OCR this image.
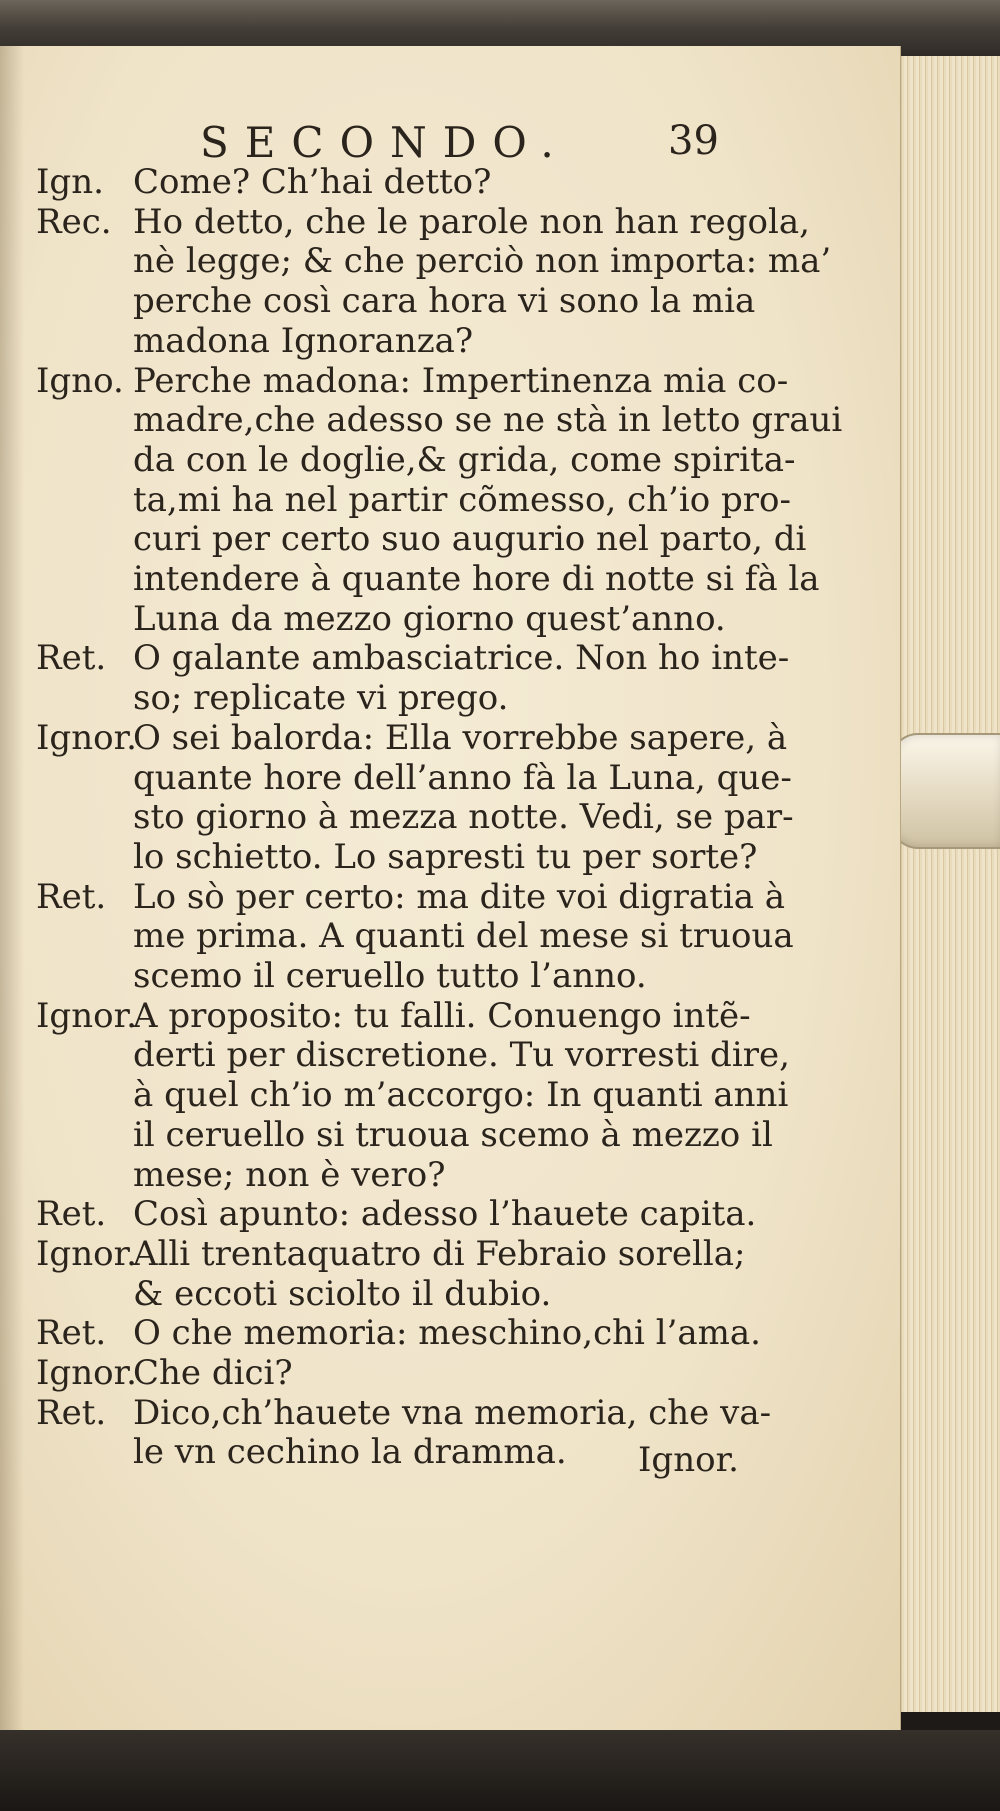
SECONDO. 39
Ign. Come? Ch’hai detto?
Rec. Ho detto, che le parole non han regola,
nè legge; & che perciò non importa: ma’
perche così cara hora vi sono la mia
madona Ignoranza?
Igno. Perche madona: Impertinenza mia co-
madre,che adesso se ne stà in letto graui
da con le doglie,& grida, come spirita-
ta,mi ha nel partir cõmesso, ch’io pro-
curi per certo suo augurio nel parto, di
intendere à quante hore di notte si fà la
Luna da mezzo giorno quest’anno.
Ret. O galante ambasciatrice. Non ho inte-
so; replicate vi prego.
Ignor.
O sei balorda: Ella vorrebbe sapere, à
quante hore dell’anno fà la Luna, que-
sto giorno à mezza notte. Vedi, se par-
lo schietto. Lo sapresti tu per sorte?
Ret. Lo sò per certo: ma dite voi digratia à
me prima. A quanti del mese si truoua
scemo il ceruello tutto l’anno.
Ignor.
A proposito: tu falli. Conuengo intẽ-
derti per discretione. Tu vorresti dire,
à quel ch’io m’accorgo: In quanti anni
il ceruello si truoua scemo à mezzo il
mese; non è vero?
Ret. Così apunto: adesso l’hauete capita.
Ignor.
Alli trentaquatro di Febraio sorella;
& eccoti sciolto il dubio.
Ret. O che memoria: meschino,chi l’ama.
Ignor.
Che dici?
Ret. Dico,ch’hauete vna memoria, che va-
le vn cechino la dramma. Ignor.
